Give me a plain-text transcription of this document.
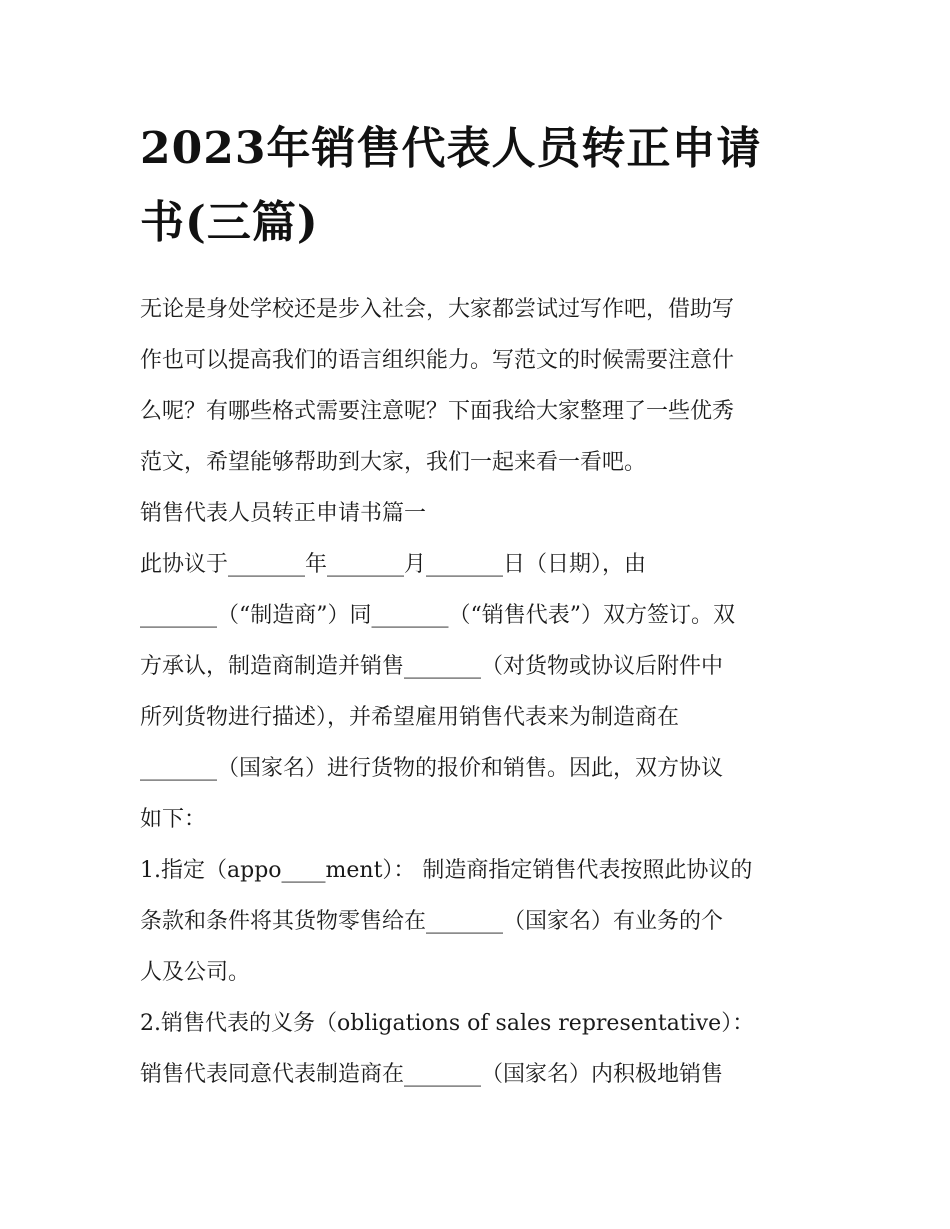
2023年销售代表人员转正申请
书(三篇)

无论是身处学校还是步入社会，大家都尝试过写作吧，借助写
作也可以提高我们的语言组织能力。写范文的时候需要注意什
么呢？有哪些格式需要注意呢？下面我给大家整理了一些优秀
范文，希望能够帮助到大家，我们一起来看一看吧。

销售代表人员转正申请书篇一

此协议于_______年_______月_______日（日期），由
_______（“制造商”）同_______（“销售代表”）双方签订。双
方承认，制造商制造并销售_______（对货物或协议后附件中
所列货物进行描述），并希望雇用销售代表来为制造商在
_______（国家名）进行货物的报价和销售。因此，双方协议
如下：

1.指定（appo____ment）： 制造商指定销售代表按照此协议的
条款和条件将其货物零售给在_______（国家名）有业务的个
人及公司。

2.销售代表的义务（obligations of sales representative）：

销售代表同意代表制造商在_______（国家名）内积极地销售
